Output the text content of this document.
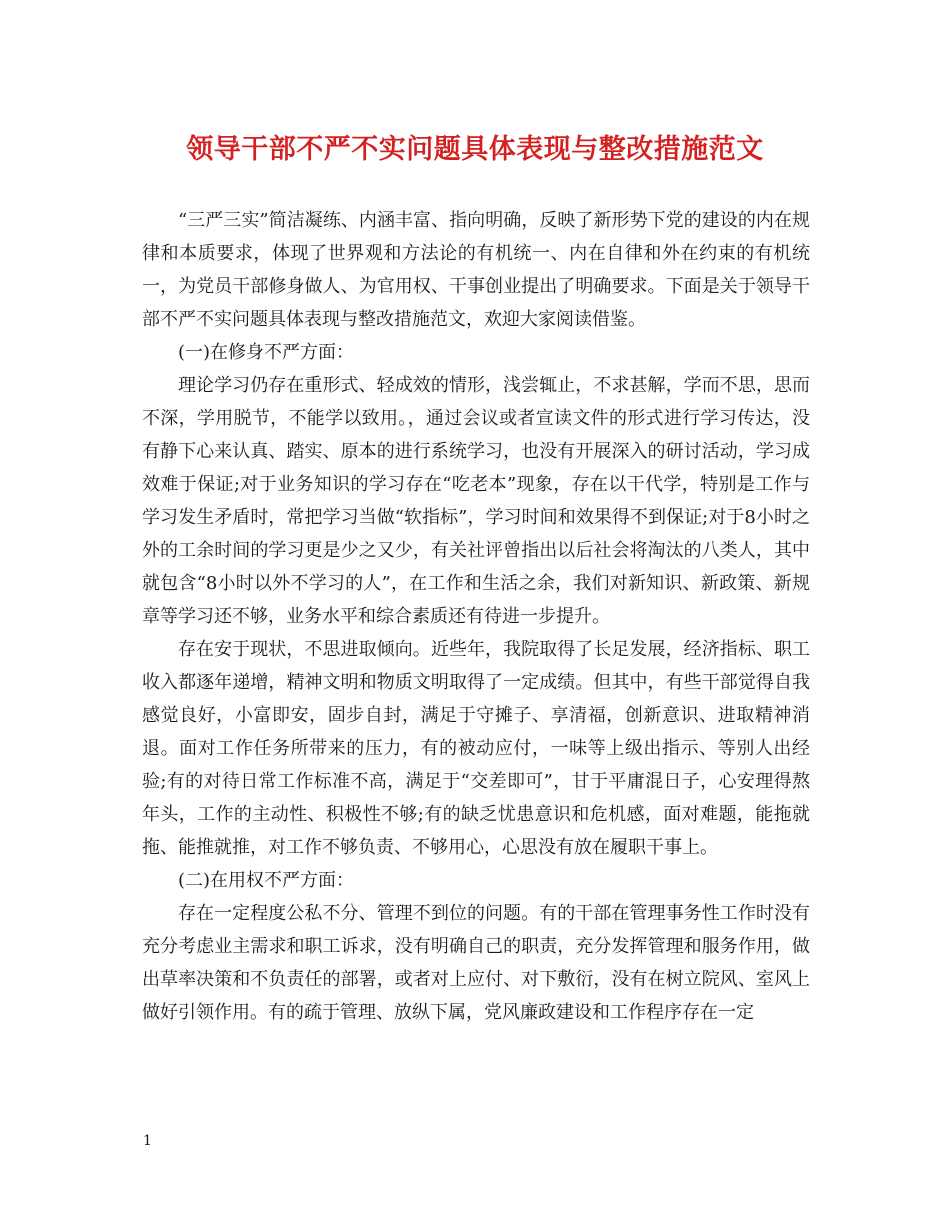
领导干部不严不实问题具体表现与整改措施范文

“三严三实”简洁凝练、内涵丰富、指向明确，反映了新形势下党的建设的内在规律和本质要求，体现了世界观和方法论的有机统一、内在自律和外在约束的有机统一，为党员干部修身做人、为官用权、干事创业提出了明确要求。下面是关于领导干部不严不实问题具体表现与整改措施范文，欢迎大家阅读借鉴。

(一)在修身不严方面：

理论学习仍存在重形式、轻成效的情形，浅尝辄止，不求甚解，学而不思，思而不深，学用脱节，不能学以致用。，通过会议或者宣读文件的形式进行学习传达，没有静下心来认真、踏实、原本的进行系统学习，也没有开展深入的研讨活动，学习成效难于保证;对于业务知识的学习存在“吃老本”现象，存在以干代学，特别是工作与学习发生矛盾时，常把学习当做“软指标”，学习时间和效果得不到保证;对于8小时之外的工余时间的学习更是少之又少，有关社评曾指出以后社会将淘汰的八类人，其中就包含“8小时以外不学习的人”，在工作和生活之余，我们对新知识、新政策、新规章等学习还不够，业务水平和综合素质还有待进一步提升。

存在安于现状，不思进取倾向。近些年，我院取得了长足发展，经济指标、职工收入都逐年递增，精神文明和物质文明取得了一定成绩。但其中，有些干部觉得自我感觉良好，小富即安，固步自封，满足于守摊子、享清福，创新意识、进取精神消退。面对工作任务所带来的压力，有的被动应付，一味等上级出指示、等别人出经验;有的对待日常工作标准不高，满足于“交差即可”，甘于平庸混日子，心安理得熬年头，工作的主动性、积极性不够;有的缺乏忧患意识和危机感，面对难题，能拖就拖、能推就推，对工作不够负责、不够用心，心思没有放在履职干事上。

(二)在用权不严方面：

存在一定程度公私不分、管理不到位的问题。有的干部在管理事务性工作时没有充分考虑业主需求和职工诉求，没有明确自己的职责，充分发挥管理和服务作用，做出草率决策和不负责任的部署，或者对上应付、对下敷衍，没有在树立院风、室风上做好引领作用。有的疏于管理、放纵下属，党风廉政建设和工作程序存在一定

1
